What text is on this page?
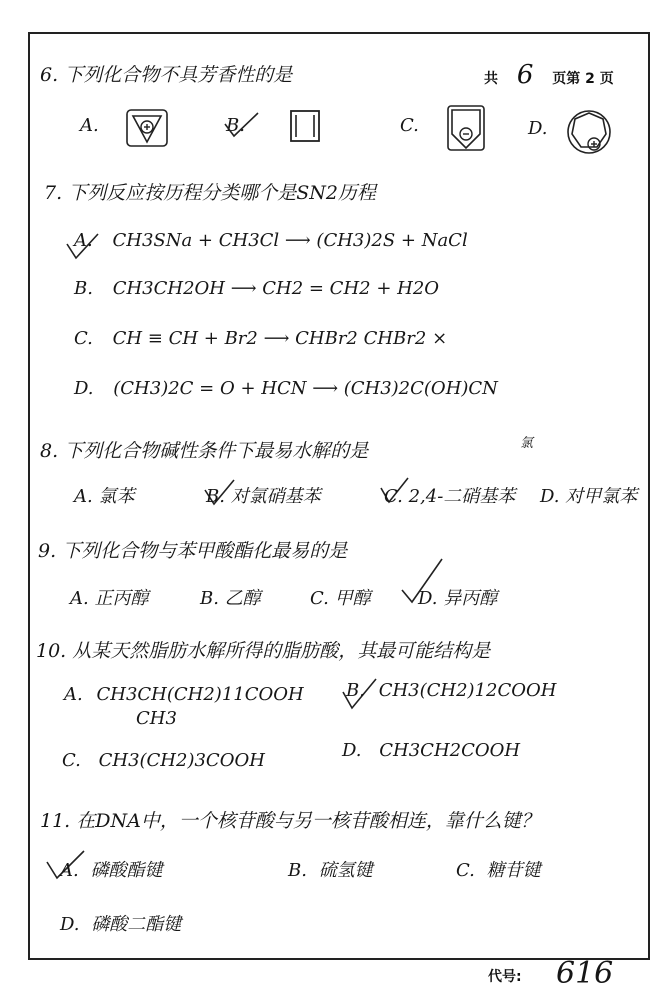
共 6 页第 2 页
6. 下列化合物不具芳香性的是
A.	B.	C.	D.
7. 下列反应按历程分类哪个是SN2历程
A. CH3SNa + CH3Cl ⟶ (CH3)2S + NaCl
B. CH3CH2OH ⟶ CH2 = CH2 + H2O
C. CH ≡ CH + Br2 ⟶ CHBr2 CHBr2 ×
D. (CH3)2C = O + HCN ⟶ (CH3)2C(OH)CN
8. 下列化合物碱性条件下最易水解的是	氯
A. 氯苯	B. 对氯硝基苯	C. 2,4-二硝基苯 D. 对甲氯苯
9. 下列化合物与苯甲酸酯化最易的是
A. 正丙醇	B. 乙醇	C. 甲醇	D. 异丙醇
10. 从某天然脂肪水解所得的脂肪酸，其最可能结构是
A. CH3CH(CH2)11COOH
CH3
B. CH3(CH2)12COOH
C. CH3(CH2)3COOH	D. CH3CH2COOH
11. 在DNA中，一个核苷酸与另一核苷酸相连，靠什么键？
A. 磷酸酯键	B. 硫氢键	C. 糖苷键
D. 磷酸二酯键
代号: 616
